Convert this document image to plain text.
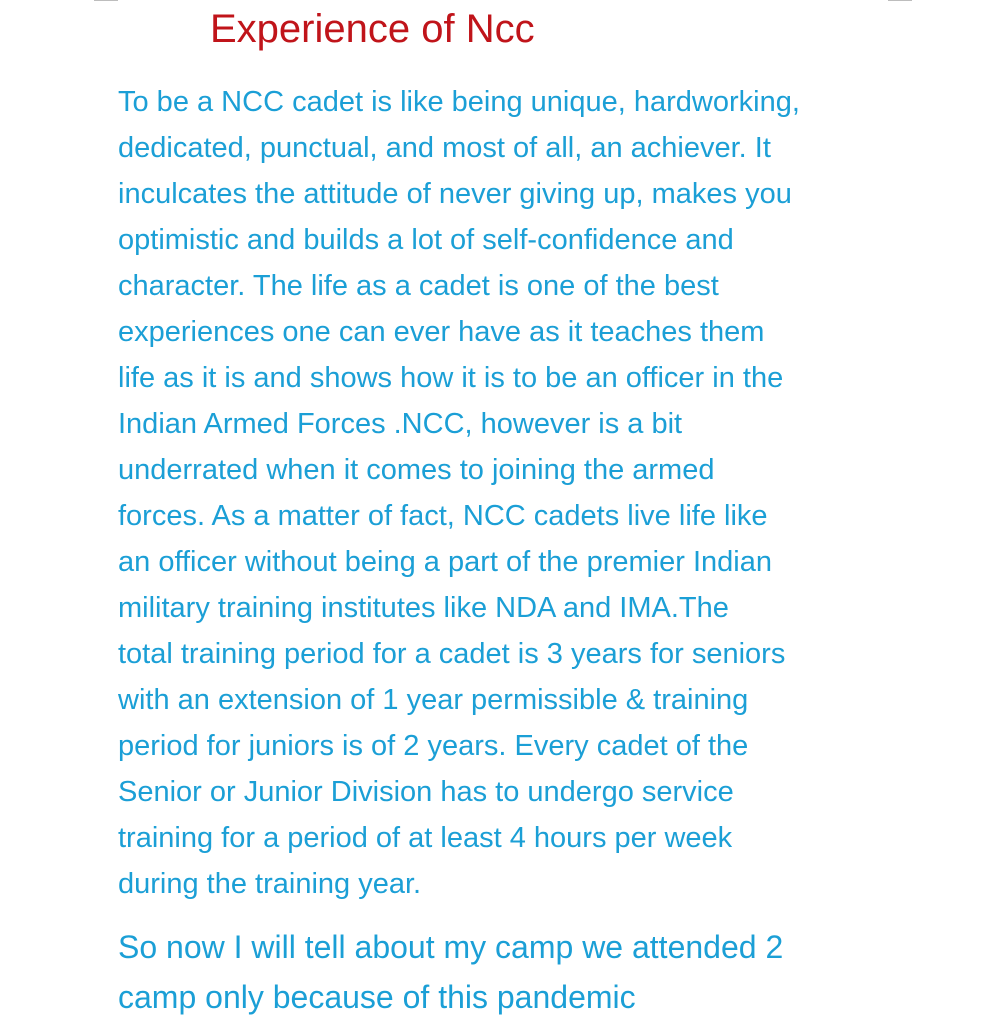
Experience of Ncc

To be a NCC cadet is like being unique, hardworking,
dedicated, punctual, and most of all, an achiever. It
inculcates the attitude of never giving up, makes you
optimistic and builds a lot of self-confidence and
character. The life as a cadet is one of the best
experiences one can ever have as it teaches them
life as it is and shows how it is to be an officer in the
Indian Armed Forces .NCC, however is a bit
underrated when it comes to joining the armed
forces. As a matter of fact, NCC cadets live life like
an officer without being a part of the premier Indian
military training institutes like NDA and IMA.The
total training period for a cadet is 3 years for seniors
with an extension of 1 year permissible & training
period for juniors is of 2 years. Every cadet of the
Senior or Junior Division has to undergo service
training for a period of at least 4 hours per week
during the training year.

So now I will tell about my camp we attended 2
camp only because of this pandemic
